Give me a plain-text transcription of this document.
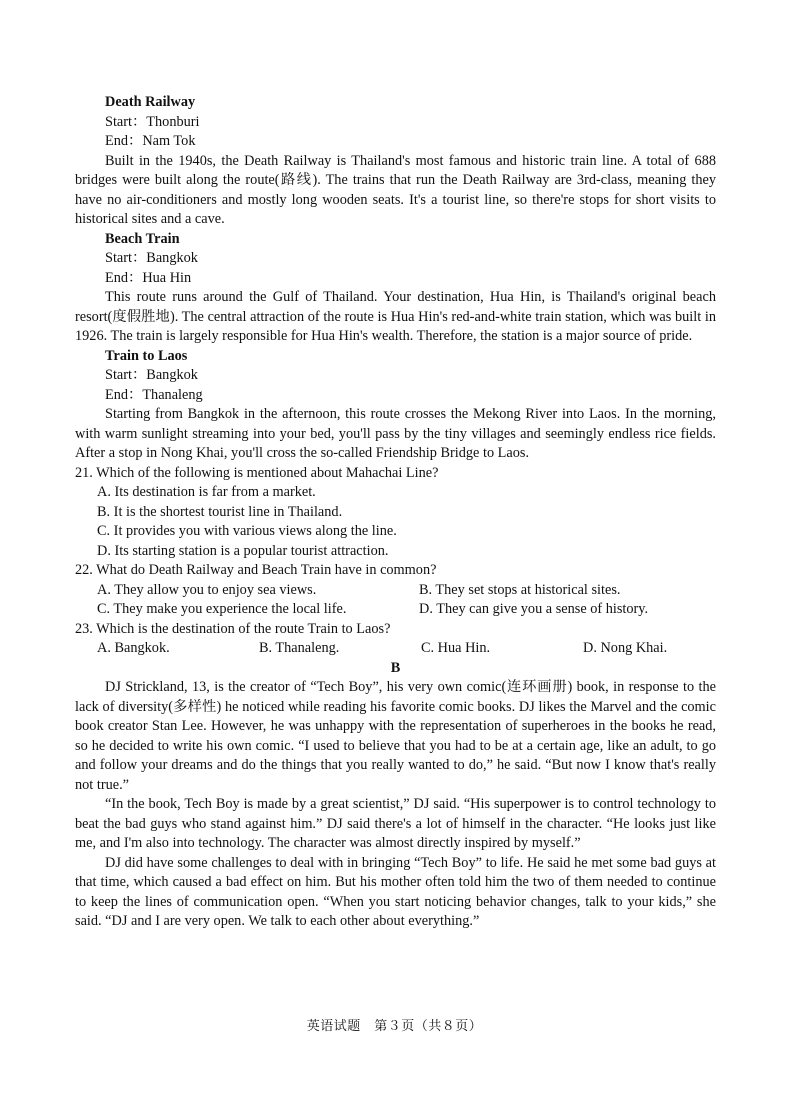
Death Railway

Start：Thonburi

End：Nam Tok

Built in the 1940s, the Death Railway is Thailand's most famous and historic train line. A total of 688 bridges were built along the route(路线). The trains that run the Death Railway are 3rd-class, meaning they have no air-conditioners and mostly long wooden seats. It's a tourist line, so there're stops for short visits to historical sites and a cave.

Beach Train

Start：Bangkok

End：Hua Hin

This route runs around the Gulf of Thailand. Your destination, Hua Hin, is Thailand's original beach resort(度假胜地). The central attraction of the route is Hua Hin's red-and-white train station, which was built in 1926. The train is largely responsible for Hua Hin's wealth. Therefore, the station is a major source of pride.

Train to Laos

Start：Bangkok

End：Thanaleng

Starting from Bangkok in the afternoon, this route crosses the Mekong River into Laos. In the morning, with warm sunlight streaming into your bed, you'll pass by the tiny villages and seemingly endless rice fields. After a stop in Nong Khai, you'll cross the so-called Friendship Bridge to Laos.

21. Which of the following is mentioned about Mahachai Line?

A. Its destination is far from a market.

B. It is the shortest tourist line in Thailand.

C. It provides you with various views along the line.

D. Its starting station is a popular tourist attraction.

22. What do Death Railway and Beach Train have in common?

A. They allow you to enjoy sea views.	B. They set stops at historical sites.
C. They make you experience the local life.	D. They can give you a sense of history.

23. Which is the destination of the route Train to Laos?

A. Bangkok.	B. Thanaleng.	C. Hua Hin.	D. Nong Khai.

B

DJ Strickland, 13, is the creator of “Tech Boy”, his very own comic(连环画册) book, in response to the lack of diversity(多样性) he noticed while reading his favorite comic books. DJ likes the Marvel and the comic book creator Stan Lee. However, he was unhappy with the representation of superheroes in the books he read, so he decided to write his own comic. “I used to believe that you had to be at a certain age, like an adult, to go and follow your dreams and do the things that you really wanted to do,” he said. “But now I know that's really not true.”

“In the book, Tech Boy is made by a great scientist,” DJ said. “His superpower is to control technology to beat the bad guys who stand against him.” DJ said there's a lot of himself in the character. “He looks just like me, and I'm also into technology. The character was almost directly inspired by myself.”

DJ did have some challenges to deal with in bringing “Tech Boy” to life. He said he met some bad guys at that time, which caused a bad effect on him. But his mother often told him the two of them needed to continue to keep the lines of communication open. “When you start noticing behavior changes, talk to your kids,” she said. “DJ and I are very open. We talk to each other about everything.”

英语试题　第３页（共８页）
